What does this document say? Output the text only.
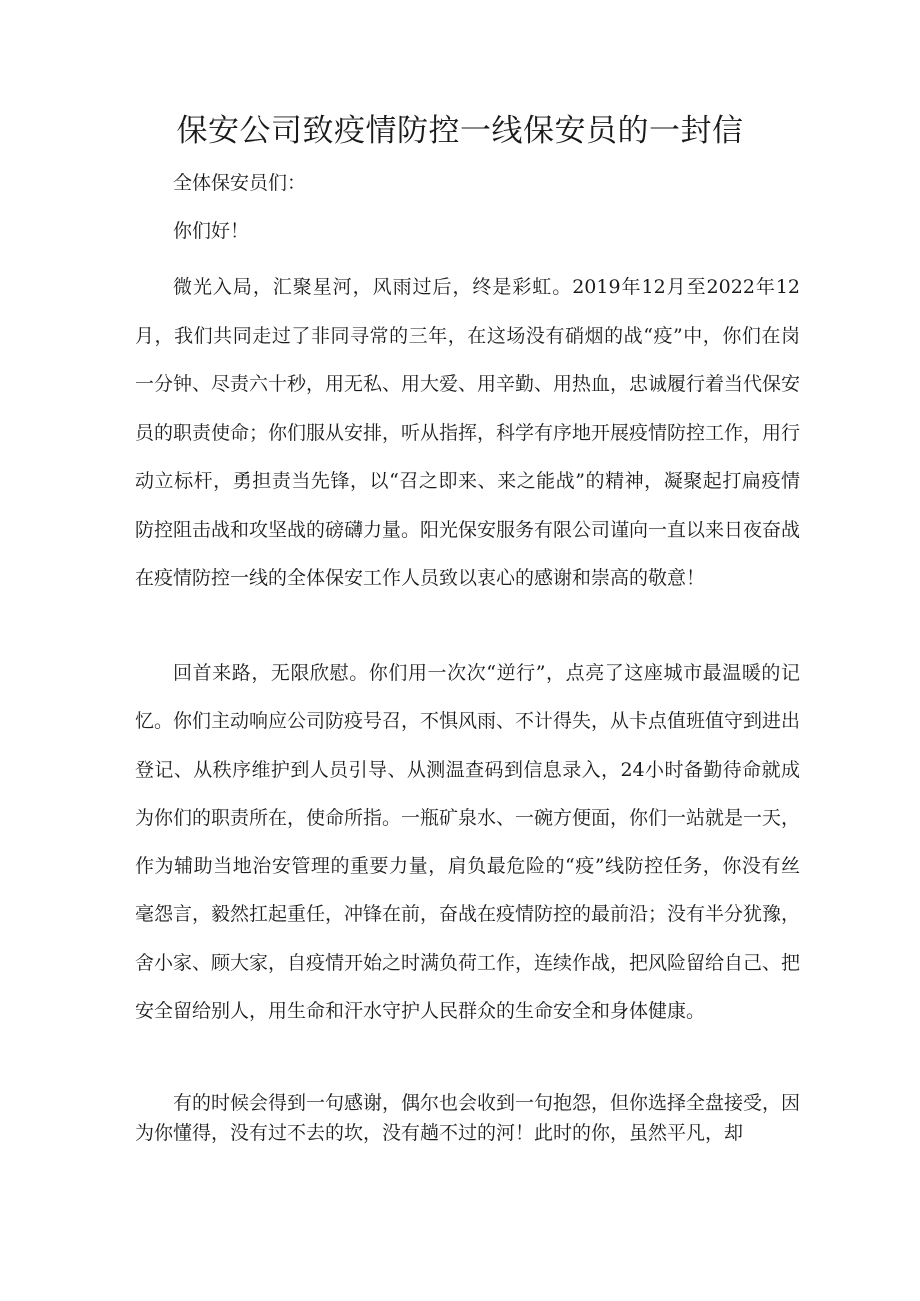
保安公司致疫情防控一线保安员的一封信

全体保安员们：

你们好！

微光入局，汇聚星河，风雨过后，终是彩虹。2019年12月至2022年12月，我们共同走过了非同寻常的三年，在这场没有硝烟的战“疫”中，你们在岗一分钟、尽责六十秒，用无私、用大爱、用辛勤、用热血，忠诚履行着当代保安员的职责使命；你们服从安排，听从指挥，科学有序地开展疫情防控工作，用行动立标杆，勇担责当先锋，以“召之即来、来之能战”的精神，凝聚起打扁疫情防控阻击战和攻坚战的磅礴力量。阳光保安服务有限公司谨向一直以来日夜奋战在疫情防控一线的全体保安工作人员致以衷心的感谢和崇高的敬意！

回首来路，无限欣慰。你们用一次次“逆行”，点亮了这座城市最温暖的记忆。你们主动响应公司防疫号召，不惧风雨、不计得失，从卡点值班值守到进出登记、从秩序维护到人员引导、从测温查码到信息录入，24小时备勤待命就成为你们的职责所在，使命所指。一瓶矿泉水、一碗方便面，你们一站就是一天，作为辅助当地治安管理的重要力量，肩负最危险的“疫”线防控任务，你没有丝毫怨言，毅然扛起重任，冲锋在前，奋战在疫情防控的最前沿；没有半分犹豫，舍小家、顾大家，自疫情开始之时满负荷工作，连续作战，把风险留给自己、把安全留给别人，用生命和汗水守护人民群众的生命安全和身体健康。

有的时候会得到一句感谢，偶尔也会收到一句抱怨，但你选择全盘接受，因为你懂得，没有过不去的坎，没有趟不过的河！此时的你，虽然平凡，却
